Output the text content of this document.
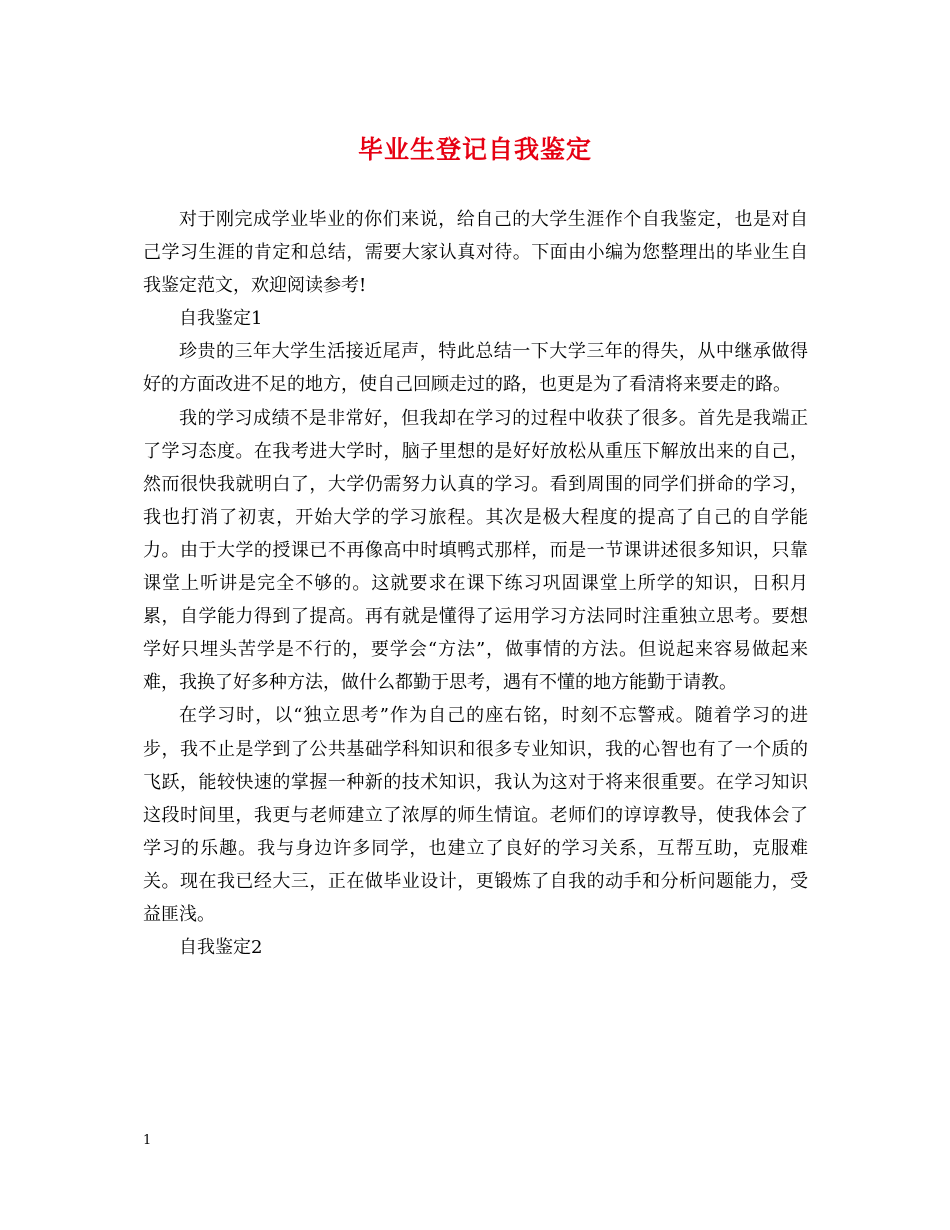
毕业生登记自我鉴定

对于刚完成学业毕业的你们来说，给自己的大学生涯作个自我鉴定，也是对自己学习生涯的肯定和总结，需要大家认真对待。下面由小编为您整理出的毕业生自我鉴定范文，欢迎阅读参考!

自我鉴定1

珍贵的三年大学生活接近尾声，特此总结一下大学三年的得失，从中继承做得好的方面改进不足的地方，使自己回顾走过的路，也更是为了看清将来要走的路。

我的学习成绩不是非常好，但我却在学习的过程中收获了很多。首先是我端正了学习态度。在我考进大学时，脑子里想的是好好放松从重压下解放出来的自己，然而很快我就明白了，大学仍需努力认真的学习。看到周围的同学们拼命的学习，我也打消了初衷，开始大学的学习旅程。其次是极大程度的提高了自己的自学能力。由于大学的授课已不再像高中时填鸭式那样，而是一节课讲述很多知识，只靠课堂上听讲是完全不够的。这就要求在课下练习巩固课堂上所学的知识，日积月累，自学能力得到了提高。再有就是懂得了运用学习方法同时注重独立思考。要想学好只埋头苦学是不行的，要学会“方法”，做事情的方法。但说起来容易做起来难，我换了好多种方法，做什么都勤于思考，遇有不懂的地方能勤于请教。

在学习时，以“独立思考”作为自己的座右铭，时刻不忘警戒。随着学习的进步，我不止是学到了公共基础学科知识和很多专业知识，我的心智也有了一个质的飞跃，能较快速的掌握一种新的技术知识，我认为这对于将来很重要。在学习知识这段时间里，我更与老师建立了浓厚的师生情谊。老师们的谆谆教导，使我体会了学习的乐趣。我与身边许多同学，也建立了良好的学习关系，互帮互助，克服难关。现在我已经大三，正在做毕业设计，更锻炼了自我的动手和分析问题能力，受益匪浅。

自我鉴定2

1
